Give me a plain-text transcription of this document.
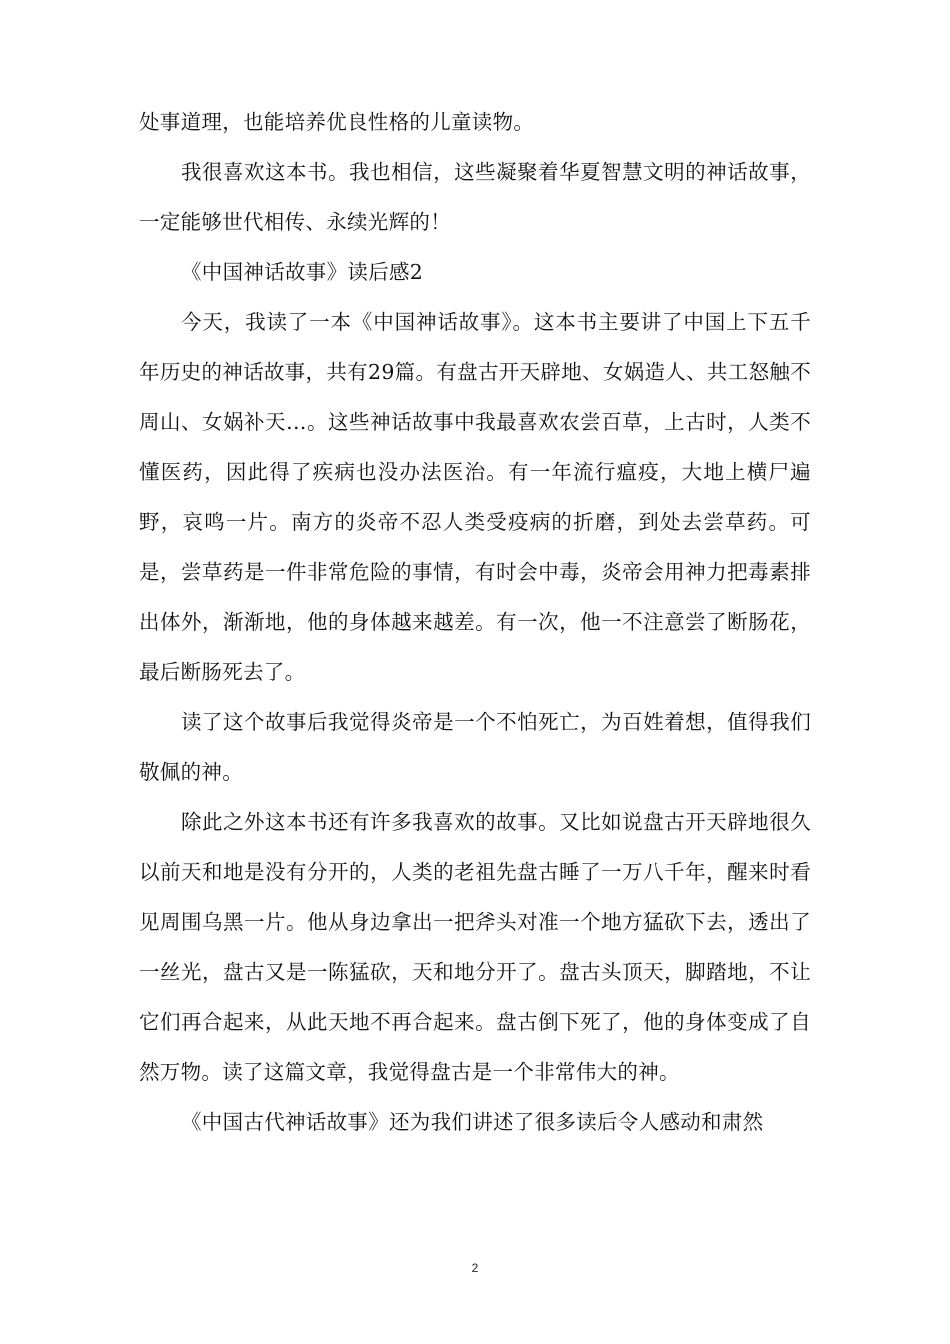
处事道理，也能培养优良性格的儿童读物。

我很喜欢这本书。我也相信，这些凝聚着华夏智慧文明的神话故事，一定能够世代相传、永续光辉的！

《中国神话故事》读后感2

今天，我读了一本《中国神话故事》。这本书主要讲了中国上下五千年历史的神话故事，共有29篇。有盘古开天辟地、女娲造人、共工怒触不周山、女娲补天…。这些神话故事中我最喜欢农尝百草，上古时，人类不懂医药，因此得了疾病也没办法医治。有一年流行瘟疫，大地上横尸遍野，哀鸣一片。南方的炎帝不忍人类受疫病的折磨，到处去尝草药。可是，尝草药是一件非常危险的事情，有时会中毒，炎帝会用神力把毒素排出体外，渐渐地，他的身体越来越差。有一次，他一不注意尝了断肠花，最后断肠死去了。

读了这个故事后我觉得炎帝是一个不怕死亡，为百姓着想，值得我们敬佩的神。

除此之外这本书还有许多我喜欢的故事。又比如说盘古开天辟地很久以前天和地是没有分开的，人类的老祖先盘古睡了一万八千年，醒来时看见周围乌黑一片。他从身边拿出一把斧头对准一个地方猛砍下去，透出了一丝光，盘古又是一陈猛砍，天和地分开了。盘古头顶天，脚踏地，不让它们再合起来，从此天地不再合起来。盘古倒下死了，他的身体变成了自然万物。读了这篇文章，我觉得盘古是一个非常伟大的神。

《中国古代神话故事》还为我们讲述了很多读后令人感动和肃然

2
